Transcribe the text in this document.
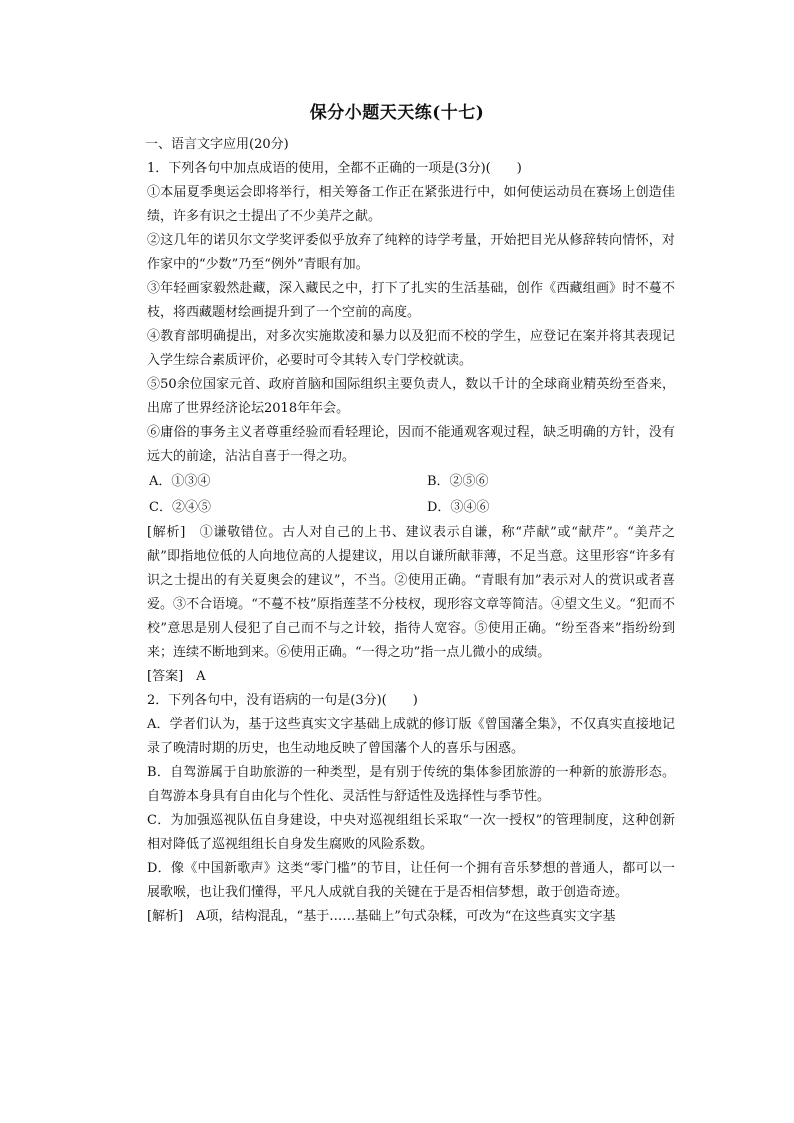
保分小题天天练(十七)
一、语言文字应用(20分)
1．下列各句中加点成语的使用，全都不正确的一项是(3分)(　　)
①本届夏季奥运会即将举行，相关筹备工作正在紧张进行中，如何使运动员在赛场上创造佳绩，许多有识之士提出了不少美芹之献。
②这几年的诺贝尔文学奖评委似乎放弃了纯粹的诗学考量，开始把目光从修辞转向情怀，对作家中的“少数”乃至“例外”青眼有加。
③年轻画家毅然赴藏，深入藏民之中，打下了扎实的生活基础，创作《西藏组画》时不蔓不枝，将西藏题材绘画提升到了一个空前的高度。
④教育部明确提出，对多次实施欺凌和暴力以及犯而不校的学生，应登记在案并将其表现记入学生综合素质评价，必要时可令其转入专门学校就读。
⑤50余位国家元首、政府首脑和国际组织主要负责人，数以千计的全球商业精英纷至沓来，出席了世界经济论坛2018年年会。
⑥庸俗的事务主义者尊重经验而看轻理论，因而不能通观客观过程，缺乏明确的方针，没有远大的前途，沾沾自喜于一得之功。
A．①③④	B．②⑤⑥
C．②④⑤	D．③④⑥
[解析]　 ①谦敬错位。古人对自己的上书、建议表示自谦，称“芹献”或“献芹”。“美芹之献”即指地位低的人向地位高的人提建议，用以自谦所献菲薄，不足当意。这里形容“许多有识之士提出的有关夏奥会的建议”，不当。②使用正确。“青眼有加”表示对人的赏识或者喜爱。③不合语境。“不蔓不枝”原指莲茎不分枝杈，现形容文章等简洁。④望文生义。“犯而不校”意思是别人侵犯了自己而不与之计较，指待人宽容。⑤使用正确。“纷至沓来”指纷纷到来；连续不断地到来。⑥使用正确。“一得之功”指一点儿微小的成绩。
[答案]　 A
2．下列各句中，没有语病的一句是(3分)(　　)
A．学者们认为，基于这些真实文字基础上成就的修订版《曾国藩全集》，不仅真实直接地记录了晚清时期的历史，也生动地反映了曾国藩个人的喜乐与困惑。
B．自驾游属于自助旅游的一种类型，是有别于传统的集体参团旅游的一种新的旅游形态。自驾游本身具有自由化与个性化、灵活性与舒适性及选择性与季节性。
C．为加强巡视队伍自身建设，中央对巡视组组长采取“一次一授权”的管理制度，这种创新相对降低了巡视组组长自身发生腐败的风险系数。
D．像《中国新歌声》这类“零门槛”的节目，让任何一个拥有音乐梦想的普通人，都可以一展歌喉，也让我们懂得，平凡人成就自我的关键在于是否相信梦想，敢于创造奇迹。
[解析]　 A项，结构混乱，“基于……基础上”句式杂糅，可改为“在这些真实文字基
